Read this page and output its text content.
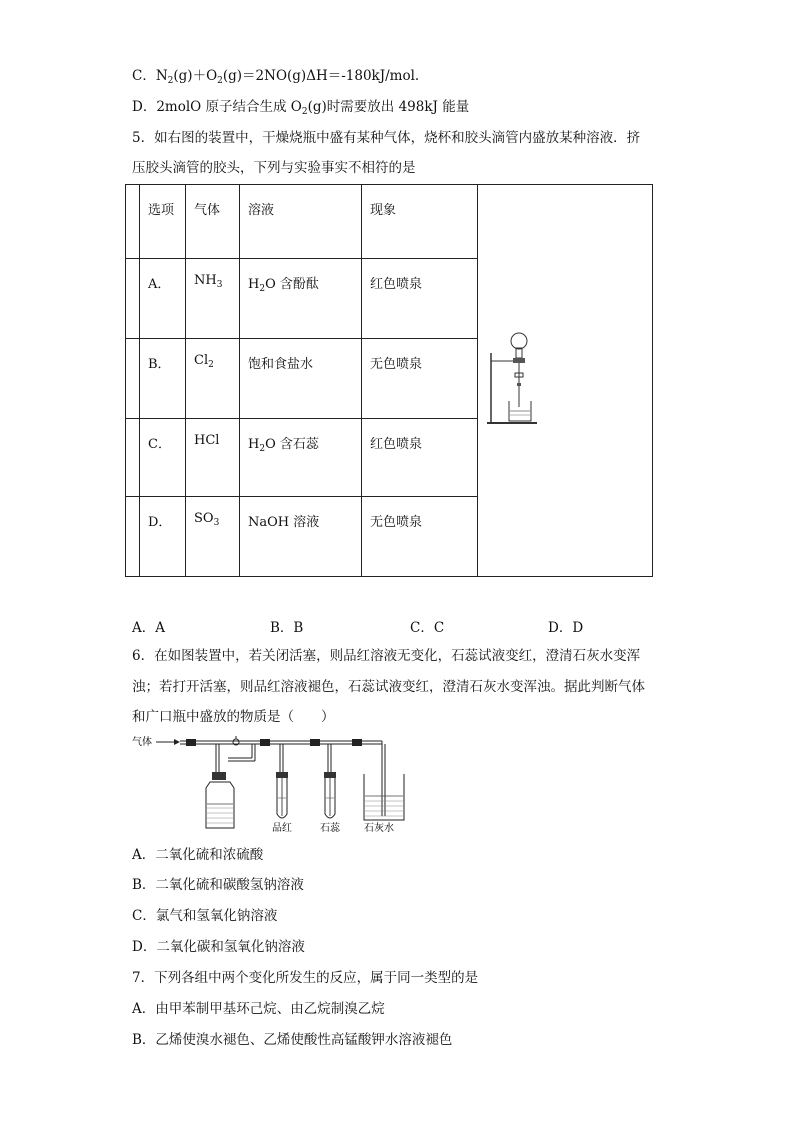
C．$N_2(g)+O_2(g)=2NO(g)\Delta H=-180kJ$/mol.
D．2molO 原子结合生成 $O_2(g)$时需要放出 498kJ 能量
5．如右图的装置中，干燥烧瓶中盛有某种气体，烧杯和胶头滴管内盛放某种溶液．挤
压胶头滴管的胶头，下列与实验事实不相符的是
	选项	气体	溶液	现象	

	A．	$NH_3$	$H_2O$ 含酚酞	红色喷泉	
	B．	$Cl_2$	饱和食盐水	无色喷泉	
	C．	HCl	$H_2O$ 含石蕊	红色喷泉	
	D．	$SO_3$	NaOH 溶液	无色喷泉	
A．A	B．B	C．C	D．D
6．在如图装置中，若关闭活塞，则品红溶液无变化，石蕊试液变红，澄清石灰水变浑
浊；若打开活塞，则品红溶液褪色，石蕊试液变红，澄清石灰水变浑浊。据此判断气体
和广口瓶中盛放的物质是（　　）
气体
品红	石蕊 石灰水
A．二氧化硫和浓硫酸
B．二氧化硫和碳酸氢钠溶液
C．氯气和氢氧化钠溶液
D．二氧化碳和氢氧化钠溶液
7．下列各组中两个变化所发生的反应，属于同一类型的是
A．由甲苯制甲基环己烷、由乙烷制溴乙烷
B．乙烯使溴水褪色、乙烯使酸性高锰酸钾水溶液褪色
